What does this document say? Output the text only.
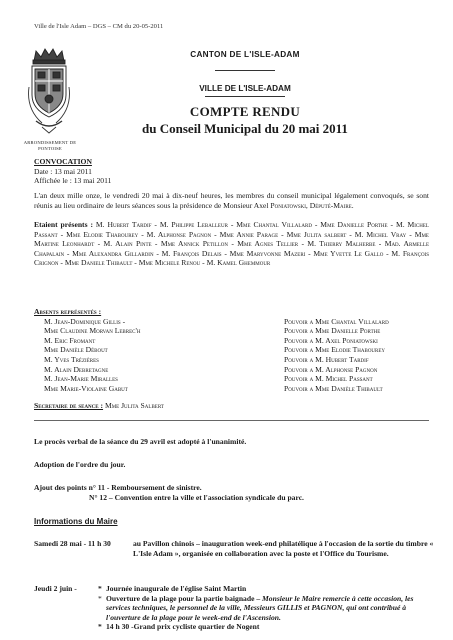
Ville de l'Isle Adam – DGS – CM du 20-05-2011
ARRONDISSEMENT DE
PONTOISE
CANTON DE L'ISLE-ADAM
VILLE DE L'ISLE-ADAM
COMPTE RENDU
du Conseil Municipal du 20 mai 2011
CONVOCATION
Date : 13 mai 2011
Affichée le : 13 mai 2011
L'an deux mille onze, le vendredi 20 mai à dix-neuf heures, les membres du conseil municipal légalement convoqués, se sont réunis au lieu ordinaire de leurs séances sous la présidence de Monsieur Axel Poniatowski, Député-Maire.
Etaient présents : M. Hubert Tardif - M. Philippe Leballeur - Mme Chantal Villalard - Mme Danielle Porthe - M. Michel Passant - Mme Elodie Thabourey - M. Alphonse Pagnon - Mme Annie Parage - Mme Julita salbert - M. Michel Vray - Mme Martine Leonhardt - M. Alain Pinte - Mme Annick Petillon - Mme Agnes Tellier - M. Thierry Malherbe - Mad. Armelle Chapalain - Mme Alexandra Gillardin - M. François Delais - Mme Maryvonne Mazeri - Mme Yvette Le Gallo - M. François Crignon - Mme Daniele Thibault - Mme Michele Renou - M. Kamel Ghemmour
Absents représentés :
M. Jean-Dominique Gillis -	Pouvoir a Mme Chantal Villalard
Mme Claudine Morvan Lebrec'h	Pouvoir a Mme Danielle Porthe
M. Eric Fromant	Pouvoir a M. Axel Poniatowski
Mme Danièle Débout	Pouvoir a Mme Elodie Thabourey
M. Yves Trézières	Pouvoir a M. Hubert Tardif
M. Alain Debretagne	Pouvoir a M. Alphonse Pagnon
M. Jean-Marie Miralles	Pouvoir a M. Michel Passant
Mme Marie-Violaine Gabut	Pouvoir a Mme Danièle Thibault
Secretaire de seance : Mme Julita Salbert
Le procès verbal de la séance du 29 avril est adopté à l'unanimité.
Adoption de l'ordre du jour.
Ajout des points n° 11 - Remboursement de sinistre.
N° 12 – Convention entre la ville et l'association syndicale du parc.
Informations du Maire
Samedi 28 mai - 11 h 30	au Pavillon chinois – inauguration week-end philatélique à l'occasion de la sortie du timbre « L'Isle Adam », organisée en collaboration avec la poste et l'Office du Tourisme.
Jeudi 2 juin -
*	Journée inaugurale de l'église Saint Martin
* Ouverture de la plage pour la partie baignade – Monsieur le Maire remercie à cette occasion, les services techniques, le personnel de la ville, Messieurs GILLIS et PAGNON, qui ont contribué à l'ouverture de la plage pour le week-end de l'Ascension.
* 14 h 30 -Grand prix cycliste quartier de Nogent
